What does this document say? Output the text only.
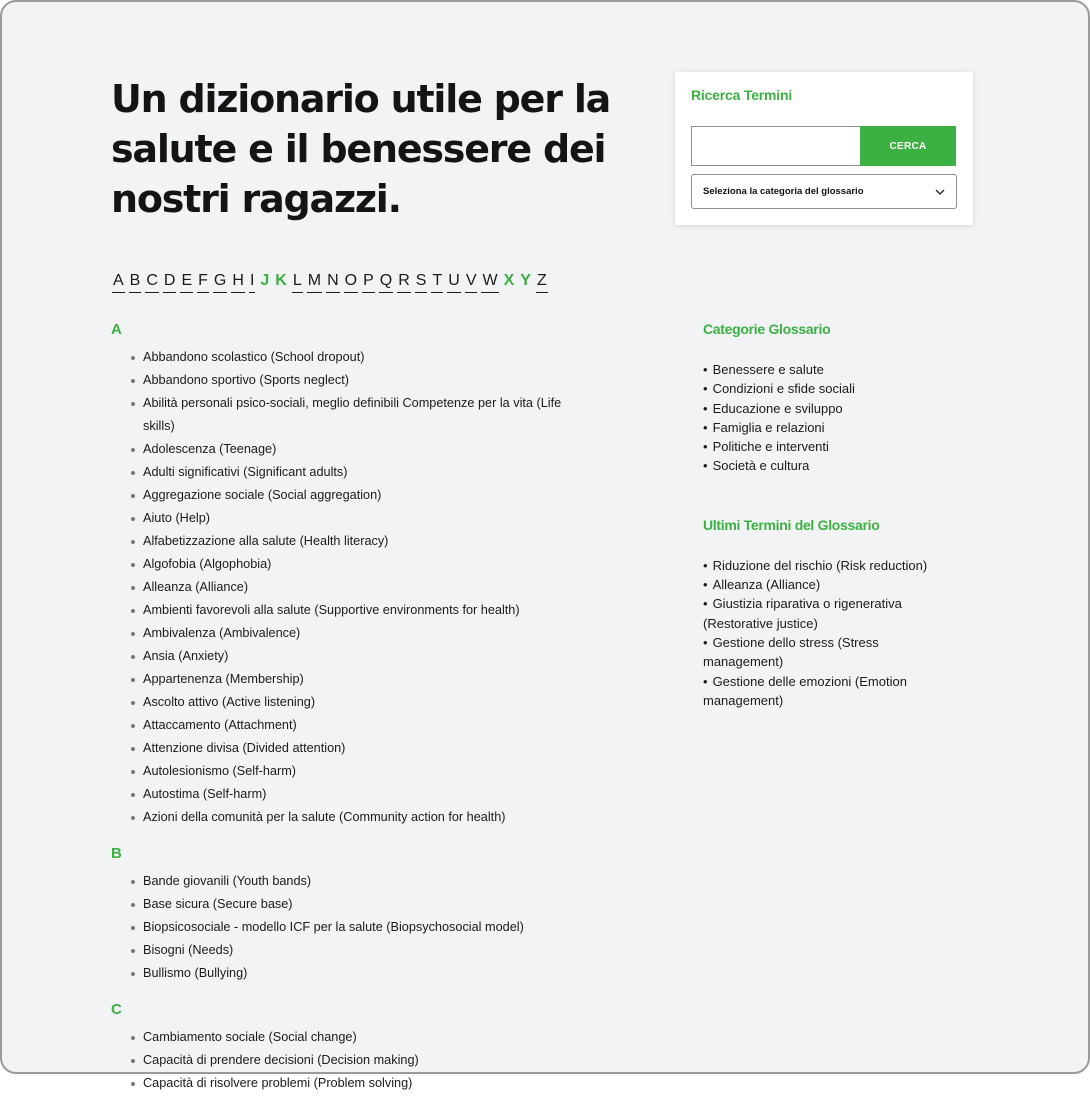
Un dizionario utile per la salute e il benessere dei nostri ragazzi.
Ricerca Termini
CERCA
Seleziona la categoria del glossario
A B C D E F G H I J K L M N O P Q R S T U V W X Y Z
A
Abbandono scolastico (School dropout)
Abbandono sportivo (Sports neglect)
Abilità personali psico-sociali, meglio definibili Competenze per la vita (Life skills)
Adolescenza (Teenage)
Adulti significativi (Significant adults)
Aggregazione sociale (Social aggregation)
Aiuto (Help)
Alfabetizzazione alla salute (Health literacy)
Algofobia (Algophobia)
Alleanza (Alliance)
Ambienti favorevoli alla salute (Supportive environments for health)
Ambivalenza (Ambivalence)
Ansia (Anxiety)
Appartenenza (Membership)
Ascolto attivo (Active listening)
Attaccamento (Attachment)
Attenzione divisa (Divided attention)
Autolesionismo (Self-harm)
Autostima (Self-harm)
Azioni della comunità per la salute (Community action for health)
B
Bande giovanili (Youth bands)
Base sicura (Secure base)
Biopsicosociale - modello ICF per la salute (Biopsychosocial model)
Bisogni (Needs)
Bullismo (Bullying)
C
Cambiamento sociale (Social change)
Capacità di prendere decisioni (Decision making)
Capacità di risolvere problemi (Problem solving)
Categorie Glossario
• Benessere e salute
• Condizioni e sfide sociali
• Educazione e sviluppo
• Famiglia e relazioni
• Politiche e interventi
• Società e cultura
Ultimi Termini del Glossario
• Riduzione del rischio (Risk reduction)
• Alleanza (Alliance)
• Giustizia riparativa o rigenerativa (Restorative justice)
• Gestione dello stress (Stress management)
• Gestione delle emozioni (Emotion management)
